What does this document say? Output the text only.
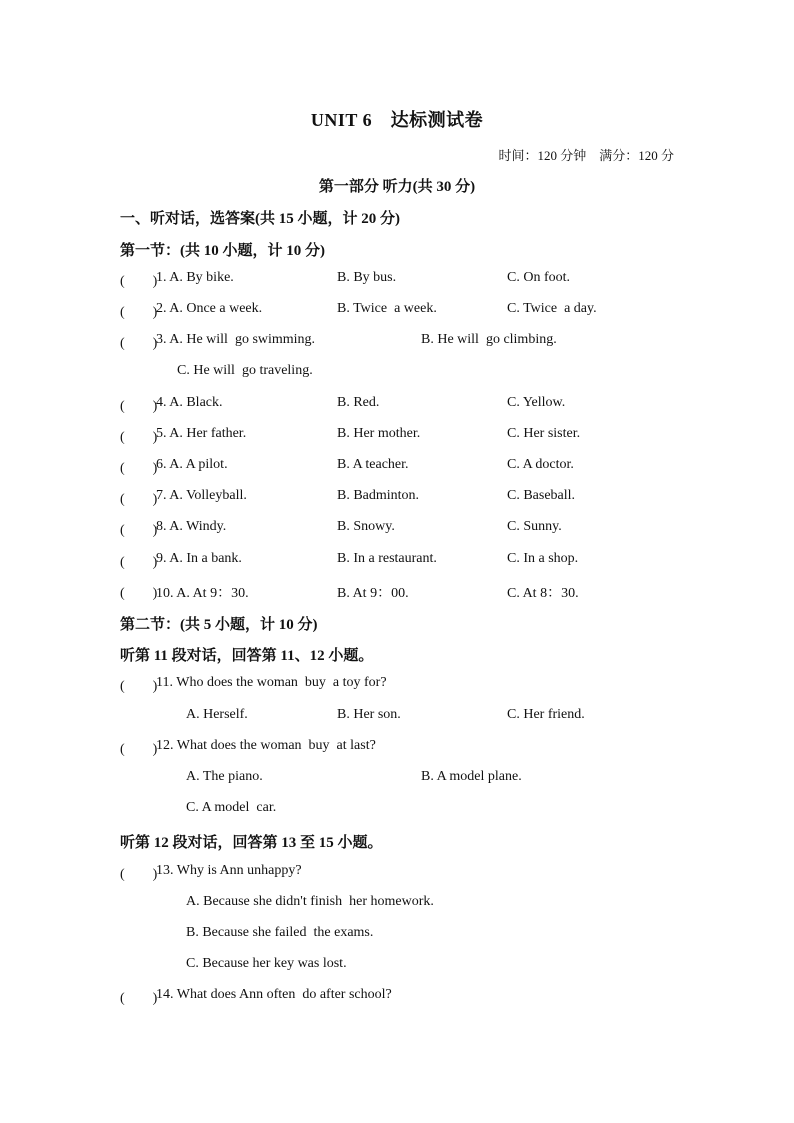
UNIT 6　达标测试卷
时间：120 分钟　满分：120 分
第一部分 听力(共 30 分)
一、听对话，选答案(共 15 小题，计 20 分)
第一节：(共 10 小题，计 10 分)
(　　)
1. A. By bike.	B. By bus.	C. On foot.
(　　)
2. A. Once a week.	B. Twice  a week.	C. Twice  a day.
(　　)
3. A. He will  go swimming.	B. He will  go climbing.
C. He will  go traveling.
(　　)
4. A. Black.	B. Red.	C. Yellow.
(　　)
5. A. Her father.	B. Her mother.	C. Her sister.
(　　)
6. A. A pilot.	B. A teacher.	C. A doctor.
(　　)
7. A. Volleyball.	B. Badminton.	C. Baseball.
(　　)
8. A. Windy.	B. Snowy.	C. Sunny.
(　　)
9. A. In a bank.	B. In a restaurant.	C. In a shop.
(　　)
10. A. At 9：30.	B. At 9：00.	C. At 8：30.
第二节：(共 5 小题，计 10 分)
听第 11 段对话，回答第 11、12 小题。
(　　)
11. Who does the woman  buy  a toy for?
A. Herself.	B. Her son.	C. Her friend.
(　　)
12. What does the woman  buy  at last?
A. The piano.	B. A model plane.
C. A model  car.
听第 12 段对话，回答第 13 至 15 小题。
(　　)
13. Why is Ann unhappy?
A. Because she didn't finish  her homework.
B. Because she failed  the exams.
C. Because her key was lost.
(　　)
14. What does Ann often  do after school?
